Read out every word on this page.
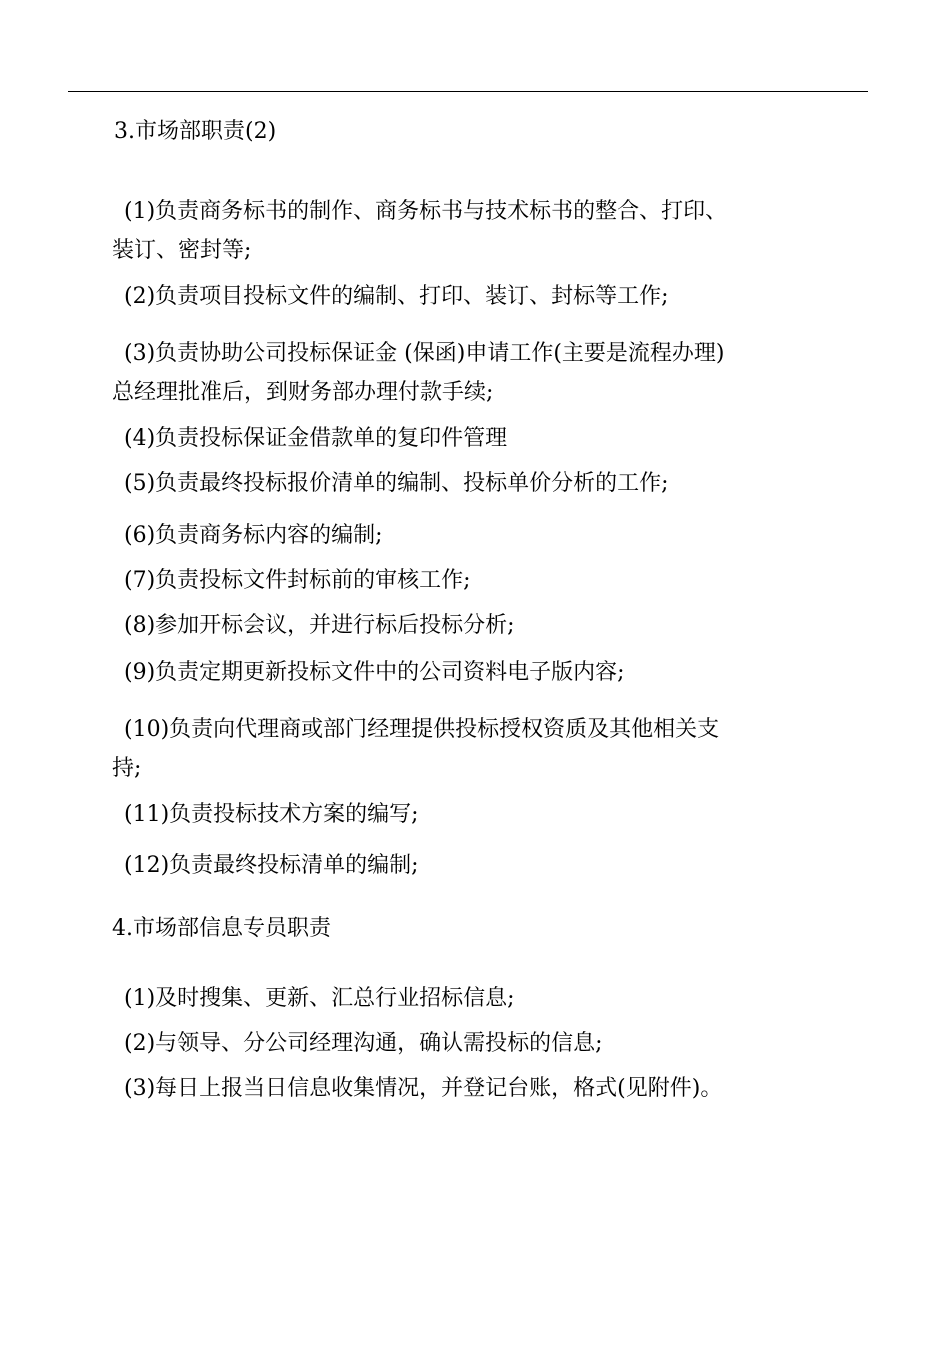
3.市场部职责(2)
(1)负责商务标书的制作、商务标书与技术标书的整合、打印、
装订、密封等;
(2)负责项目投标文件的编制、打印、装订、封标等工作;
(3)负责协助公司投标保证金 (保函)申请工作(主要是流程办理)
总经理批准后，到财务部办理付款手续;
(4)负责投标保证金借款单的复印件管理
(5)负责最终投标报价清单的编制、投标单价分析的工作;
(6)负责商务标内容的编制;
(7)负责投标文件封标前的审核工作;
(8)参加开标会议，并进行标后投标分析;
(9)负责定期更新投标文件中的公司资料电子版内容;
(10)负责向代理商或部门经理提供投标授权资质及其他相关支
持;
(11)负责投标技术方案的编写;
(12)负责最终投标清单的编制;
4.市场部信息专员职责
(1)及时搜集、更新、汇总行业招标信息;
(2)与领导、分公司经理沟通，确认需投标的信息;
(3)每日上报当日信息收集情况，并登记台账，格式(见附件)。
